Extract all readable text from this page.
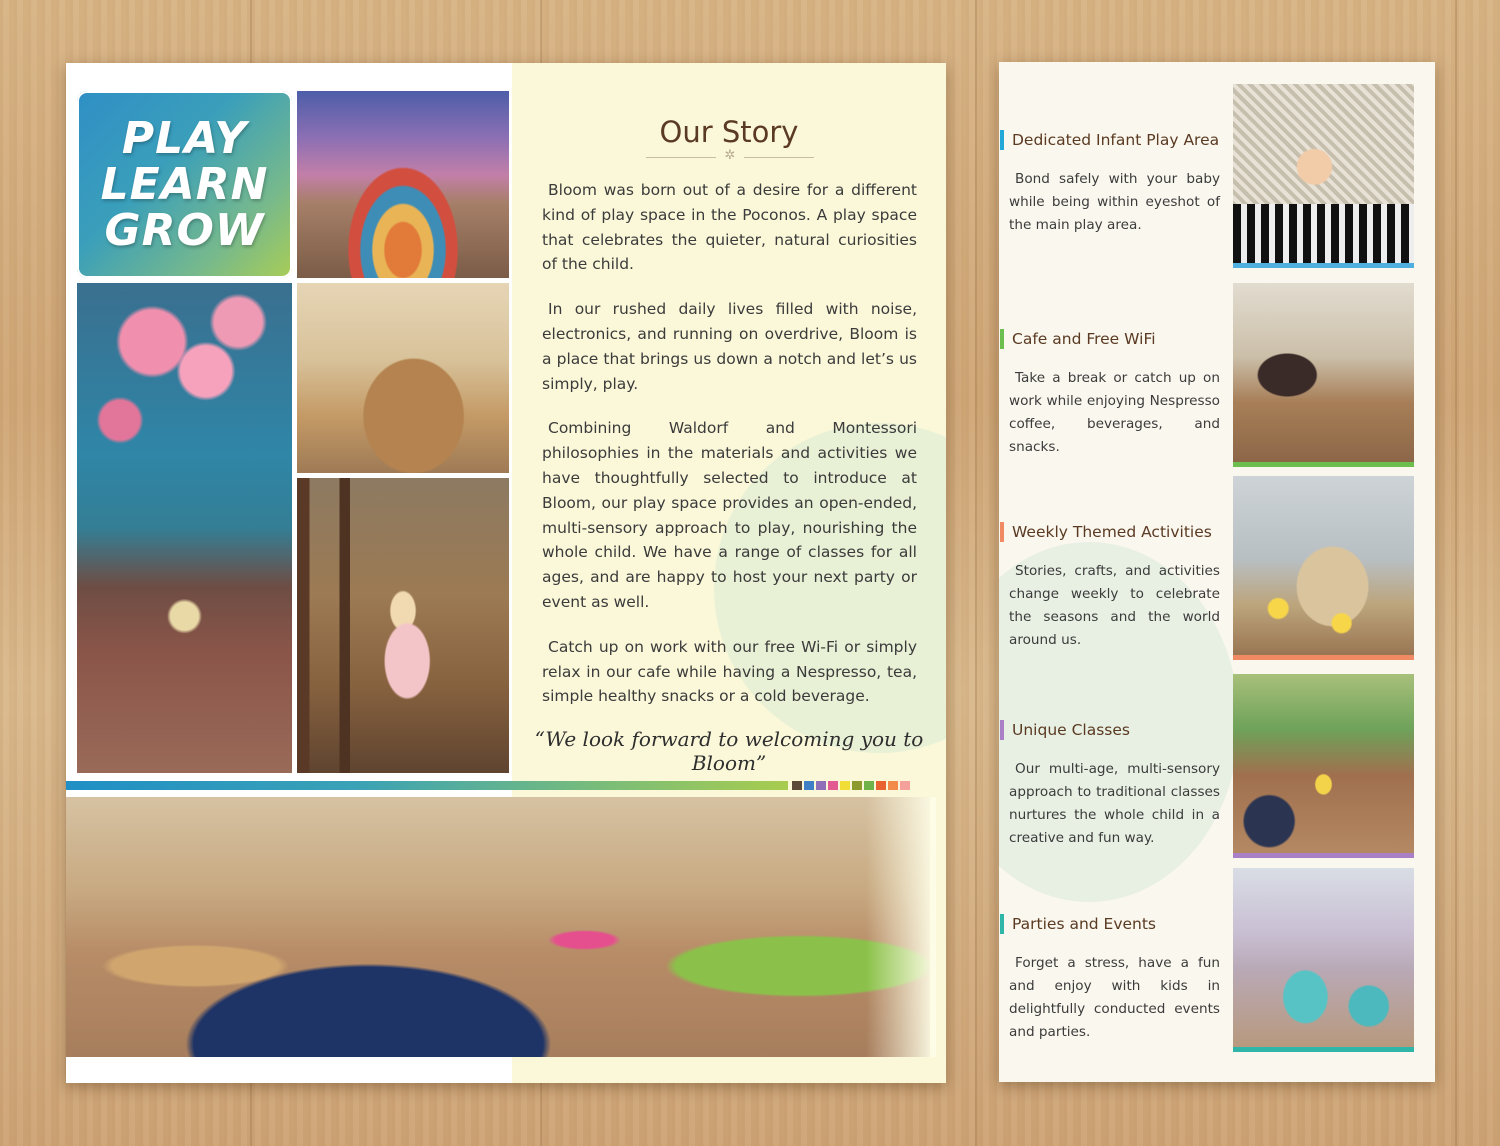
PLAY
LEARN
GROW
Our Story
✲

Bloom was born out of a desire for a different kind of play space in the Poconos. A play space that celebrates the quieter, natural curiosities of the child.

In our rushed daily lives filled with noise, electronics, and running on overdrive, Bloom is a place that brings us down a notch and let’s us simply, play.

Combining Waldorf and Montessori philosophies in the materials and activities we have thoughtfully selected to introduce at Bloom, our play space provides an open-ended, multi-sensory approach to play, nourishing the whole child. We have a range of classes for all ages, and are happy to host your next party or event as well.

Catch up on work with our free Wi-Fi or simply relax in our cafe while having a Nespresso, tea, simple healthy snacks or a cold beverage.

“We look forward to welcoming you to Bloom”
Dedicated Infant Play Area
Bond safely with your baby while being within eyeshot of the main play area.
Cafe and Free WiFi
Take a break or catch up on work while enjoying Nespresso coffee, beverages, and snacks.
Weekly Themed Activities
Stories, crafts, and activities change weekly to celebrate the seasons and the world around us.
Unique Classes
Our multi-age, multi-sensory approach to traditional classes nurtures the whole child in a creative and fun way.
Parties and Events
Forget a stress, have a fun and enjoy with kids in delightfully conducted events and parties.
